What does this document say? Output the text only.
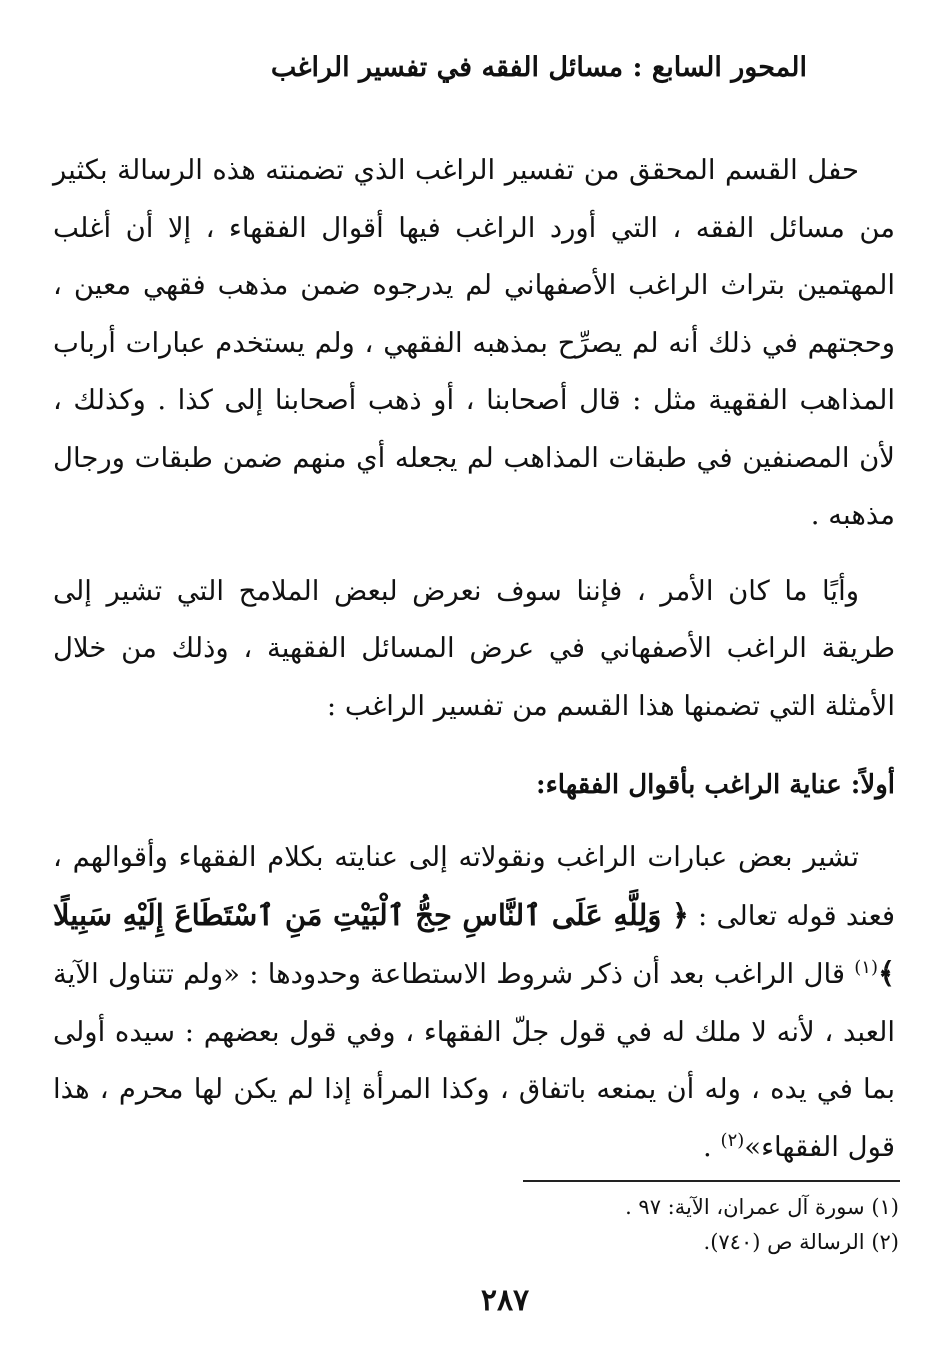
المحور السابع : مسائل الفقه في تفسير الراغب

حفل القسم المحقق من تفسير الراغب الذي تضمنته هذه الرسالة بكثير من مسائل الفقه ، التي أورد الراغب فيها أقوال الفقهاء ، إلا أن أغلب المهتمين بتراث الراغب الأصفهاني لم يدرجوه ضمن مذهب فقهي معين ، وحجتهم في ذلك أنه لم يصرِّح بمذهبه الفقهي ، ولم يستخدم عبارات أرباب المذاهب الفقهية مثل : قال أصحابنا ، أو ذهب أصحابنا إلى كذا . وكذلك ، لأن المصنفين في طبقات المذاهب لم يجعله أي منهم ضمن طبقات ورجال مذهبه .

وأيًا ما كان الأمر ، فإننا سوف نعرض لبعض الملامح التي تشير إلى طريقة الراغب الأصفهاني في عرض المسائل الفقهية ، وذلك من خلال الأمثلة التي تضمنها هذا القسم من تفسير الراغب :

أولاً: عناية الراغب بأقوال الفقهاء:

تشير بعض عبارات الراغب ونقولاته إلى عنايته بكلام الفقهاء وأقوالهم ، فعند قوله تعالى : ﴿ وَلِلَّهِ عَلَى ٱلنَّاسِ حِجُّ ٱلْبَيْتِ مَنِ ٱسْتَطَاعَ إِلَيْهِ سَبِيلًا ﴾$^{(١)}$ قال الراغب بعد أن ذكر شروط الاستطاعة وحدودها : «ولم تتناول الآية العبد ، لأنه لا ملك له في قول جلّ الفقهاء ، وفي قول بعضهم : سيده أولى بما في يده ، وله أن يمنعه باتفاق ، وكذا المرأة إذا لم يكن لها محرم ، هذا قول الفقهاء»$^{(٢)}$ .

(١) سورة آل عمران، الآية: ٩٧ .
(٢) الرسالة ص (٧٤٠).
٢٨٧
